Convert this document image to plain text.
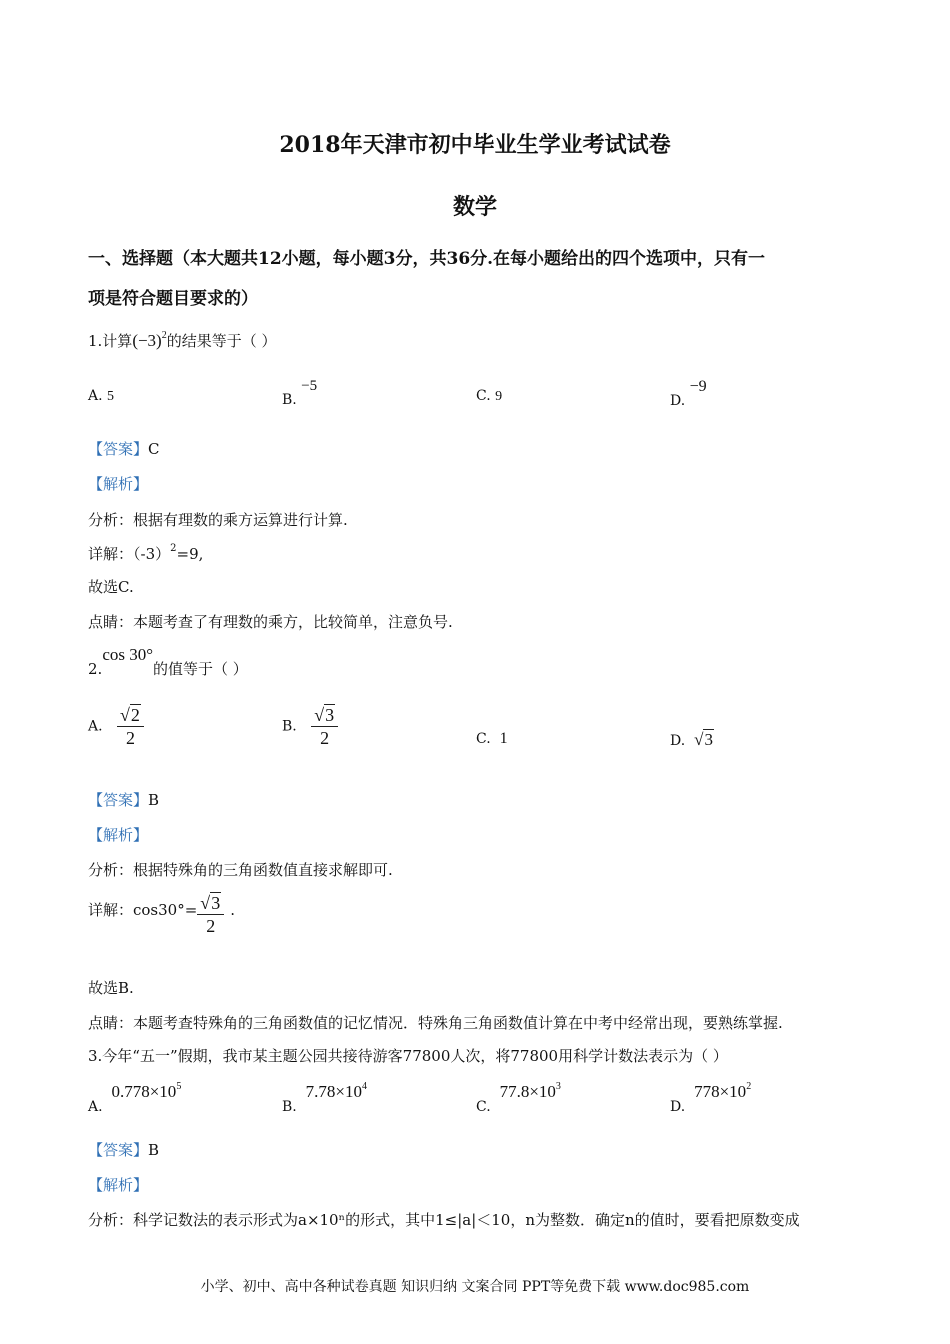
2018年天津市初中毕业生学业考试试卷
数学
一、选择题（本大题共12小题，每小题3分，共36分.在每小题给出的四个选项中，只有一
项是符合题目要求的）
1.计算$(-3)^2$的结果等于（ ）
A. 5	B. −5
C. 9	D. −9
【答案】C
【解析】
分析：根据有理数的乘方运算进行计算.
详解：$(-3)^2=9$,
故选C.
点睛：本题考查了有理数的乘方，比较简单，注意负号.
2.cos 30°的值等于（ ）
A. $\frac{√2}{2}$	B. $\frac{√3}{2}$	C. 1	D. √3
【答案】B
【解析】
分析：根据特殊角的三角函数值直接求解即可.
详解：$\cos 30^\circ= \frac{√3}{2}$ .
故选B.
点睛：本题考查特殊角的三角函数值的记忆情况．特殊角三角函数值计算在中考中经常出现，要熟练掌握.
3.今年“五一”假期，我市某主题公园共接待游客77800人次，将77800用科学计数法表示为（ ）
A.  $0.778\times 10^5$
B.  $7.78\times 10^4$
C.  $77.8\times 10^3$
D.  $778\times 10^2$
【答案】B
【解析】
分析：科学记数法的表示形式为a×10ⁿ的形式，其中1≤|a|＜10，n为整数．确定n的值时，要看把原数变成
小学、初中、高中各种试卷真题 知识归纳 文案合同 PPT等免费下载 www.doc985.com
